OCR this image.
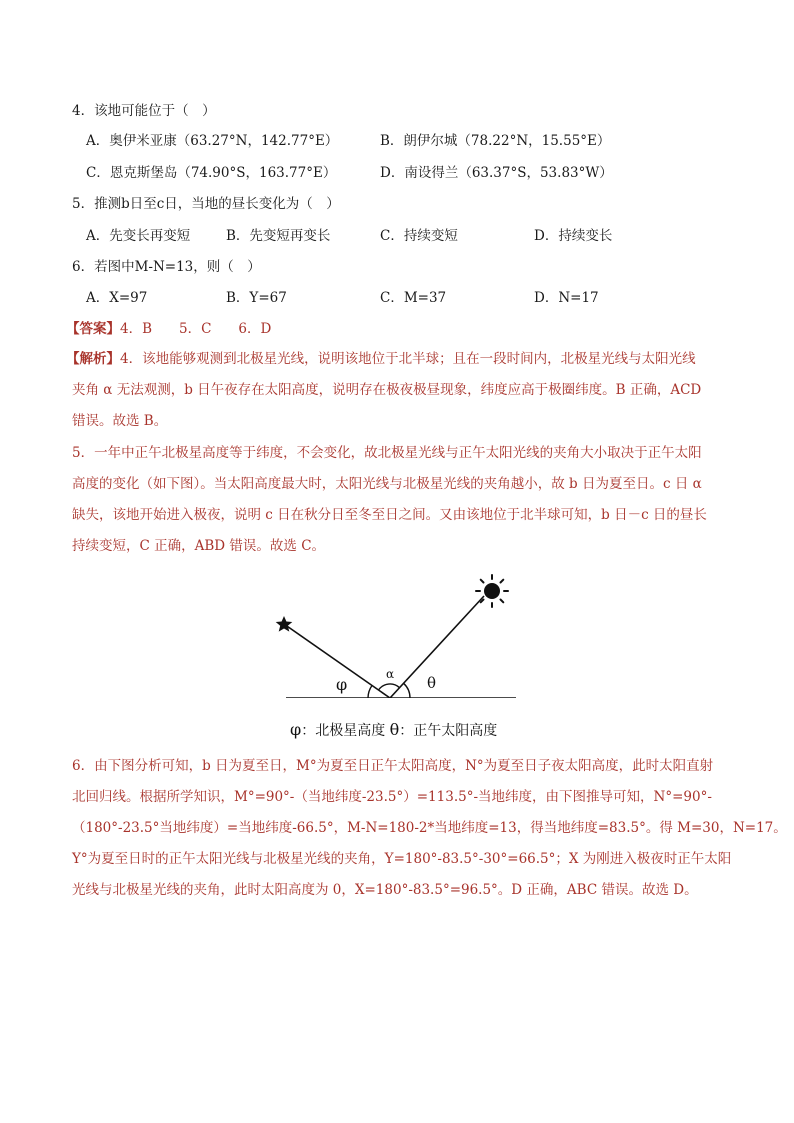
4．该地可能位于（　）
A．奥伊米亚康（63.27°N，142.77°E）	B．朗伊尔城（78.22°N，15.55°E）
C．恩克斯堡岛（74.90°S，163.77°E）	D．南设得兰（63.37°S，53.83°W）
5．推测b日至c日，当地的昼长变化为（　）
A．先变长再变短	B．先变短再变长	C．持续变短	D．持续变长
6．若图中M-N=13，则（　）
A．X=97	B．Y=67	C．M=37	D．N=17
【答案】4．B　　5．C　　6．D
【解析】4．该地能够观测到北极星光线，说明该地位于北半球；且在一段时间内，北极星光线与太阳光线
夹角 α 无法观测，b 日午夜存在太阳高度，说明存在极夜极昼现象，纬度应高于极圈纬度。B 正确，ACD
错误。故选 B。
5．一年中正午北极星高度等于纬度，不会变化，故北极星光线与正午太阳光线的夹角大小取决于正午太阳
高度的变化（如下图）。当太阳高度最大时，太阳光线与北极星光线的夹角越小，故 b 日为夏至日。c 日 α
缺失，该地开始进入极夜，说明 c 日在秋分日至冬至日之间。又由该地位于北半球可知，b 日－c 日的昼长
持续变短，C 正确，ABD 错误。故选 C。
φ
α θ
φ：北极星高度 θ：正午太阳高度
6．由下图分析可知，b 日为夏至日，M°为夏至日正午太阳高度，N°为夏至日子夜太阳高度，此时太阳直射
北回归线。根据所学知识，M°=90°-（当地纬度-23.5°）=113.5°-当地纬度，由下图推导可知，N°=90°-
（180°-23.5°当地纬度）=当地纬度-66.5°，M-N=180-2*当地纬度=13，得当地纬度=83.5°。得 M=30，N=17。
Y°为夏至日时的正午太阳光线与北极星光线的夹角，Y=180°-83.5°-30°=66.5°；X 为刚进入极夜时正午太阳
光线与北极星光线的夹角，此时太阳高度为 0，X=180°-83.5°=96.5°。D 正确，ABC 错误。故选 D。
